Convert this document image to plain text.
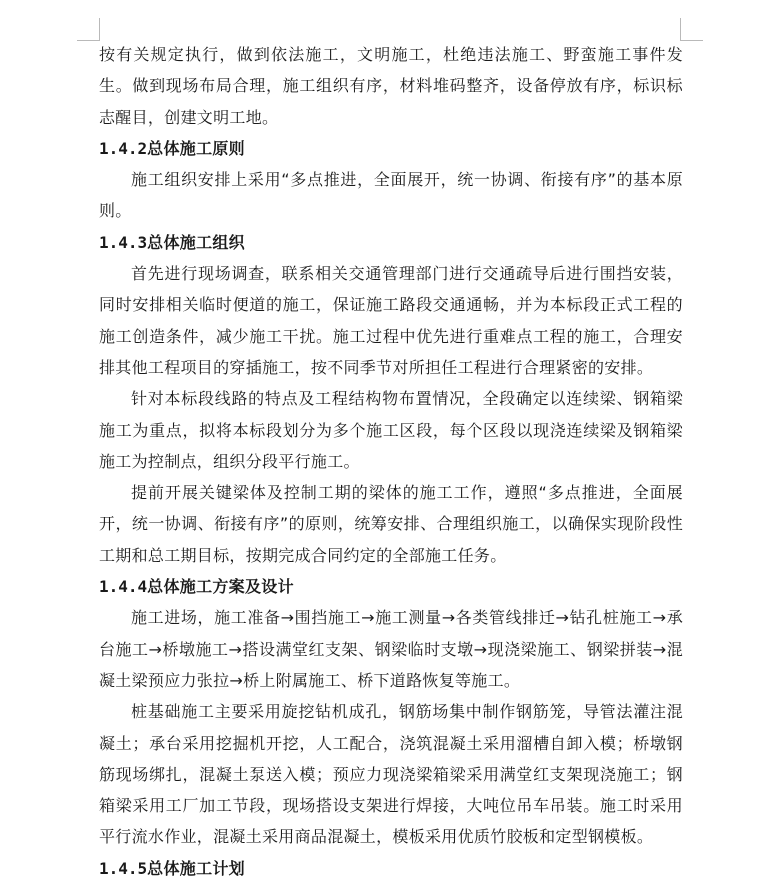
按有关规定执行，做到依法施工，文明施工，杜绝违法施工、野蛮施工事件发生。做到现场布局合理，施工组织有序，材料堆码整齐，设备停放有序，标识标志醒目，创建文明工地。

1.4.2总体施工原则

施工组织安排上采用“多点推进，全面展开，统一协调、衔接有序”的基本原则。

1.4.3总体施工组织

首先进行现场调查，联系相关交通管理部门进行交通疏导后进行围挡安装，同时安排相关临时便道的施工，保证施工路段交通通畅，并为本标段正式工程的施工创造条件，减少施工干扰。施工过程中优先进行重难点工程的施工，合理安排其他工程项目的穿插施工，按不同季节对所担任工程进行合理紧密的安排。

针对本标段线路的特点及工程结构物布置情况，全段确定以连续梁、钢箱梁施工为重点，拟将本标段划分为多个施工区段，每个区段以现浇连续梁及钢箱梁施工为控制点，组织分段平行施工。

提前开展关键梁体及控制工期的梁体的施工工作，遵照“多点推进，全面展开，统一协调、衔接有序”的原则，统筹安排、合理组织施工，以确保实现阶段性工期和总工期目标，按期完成合同约定的全部施工任务。

1.4.4总体施工方案及设计

施工进场，施工准备→围挡施工→施工测量→各类管线排迁→钻孔桩施工→承台施工→桥墩施工→搭设满堂红支架、钢梁临时支墩→现浇梁施工、钢梁拼装→混凝土梁预应力张拉→桥上附属施工、桥下道路恢复等施工。

桩基础施工主要采用旋挖钻机成孔，钢筋场集中制作钢筋笼，导管法灌注混凝土；承台采用挖掘机开挖，人工配合，浇筑混凝土采用溜槽自卸入模；桥墩钢筋现场绑扎，混凝土泵送入模；预应力现浇梁箱梁采用满堂红支架现浇施工；钢箱梁采用工厂加工节段，现场搭设支架进行焊接，大吨位吊车吊装。施工时采用平行流水作业，混凝土采用商品混凝土，模板采用优质竹胶板和定型钢模板。

1.4.5总体施工计划
